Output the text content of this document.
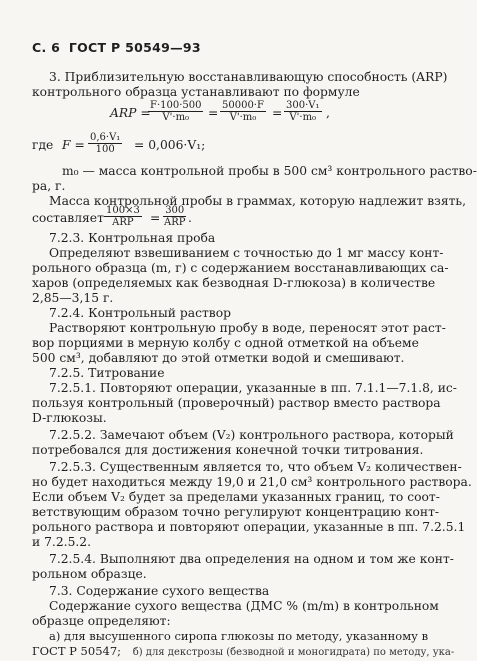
С. 6 ГОСТ Р 50549—93
3. Приблизительную восстанавливающую способность (ARP)
контрольного образца устанавливают по формуле
ARP =
$\frac{F\cdot 100\cdot 500}{\text{V'·m₀}} = \frac{50000\cdot F}{\text{V'·m₀}} = \frac{\text{300·V₁}}{\text{V'·m₀}}$ ,
где $F = \frac{\text{0,6·V₁}}{100} = 0,006\cdot V_1$;
m₀ — масса контрольной пробы в 500 см³ контрольного раство-
ра, г.
Масса контрольной пробы в граммах, которую надлежит взять,
составляет
100×3
ARP =
300
ARP .
7.2.3. Контрольная проба
Определяют взвешиванием с точностью до 1 мг массу конт-
рольного образца (m, г) с содержанием восстанавливающих са-
харов (определяемых как безводная D-глюкоза) в количестве
2,85—3,15 г.
7.2.4. Контрольный раствор
Растворяют контрольную пробу в воде, переносят этот раст-
вор порциями в мерную колбу с одной отметкой на объеме
500 см³, добавляют до этой отметки водой и смешивают.
7.2.5. Титрование
7.2.5.1. Повторяют операции, указанные в пп. 7.1.1—7.1.8, ис-
пользуя контрольный (проверочный) раствор вместо раствора
D-глюкозы.
7.2.5.2. Замечают объем (V₂) контрольного раствора, который
потребовался для достижения конечной точки титрования.
7.2.5.3. Существенным является то, что объем V₂ количествен-
но будет находиться между 19,0 и 21,0 см³ контрольного раствора.
Если объем V₂ будет за пределами указанных границ, то соот-
ветствующим образом точно регулируют концентрацию конт-
рольного раствора и повторяют операции, указанные в пп. 7.2.5.1
и 7.2.5.2.
7.2.5.4. Выполняют два определения на одном и том же конт-
рольном образце.
7.3. Содержание сухого вещества
Содержание сухого вещества (ДМС % (m/m) в контрольном
образце определяют:
а) для высушенного сиропа глюкозы по методу, указанному в
ГОСТ Р 50547; б) для декстрозы (безводной и моногидрата) по методу, ука-
